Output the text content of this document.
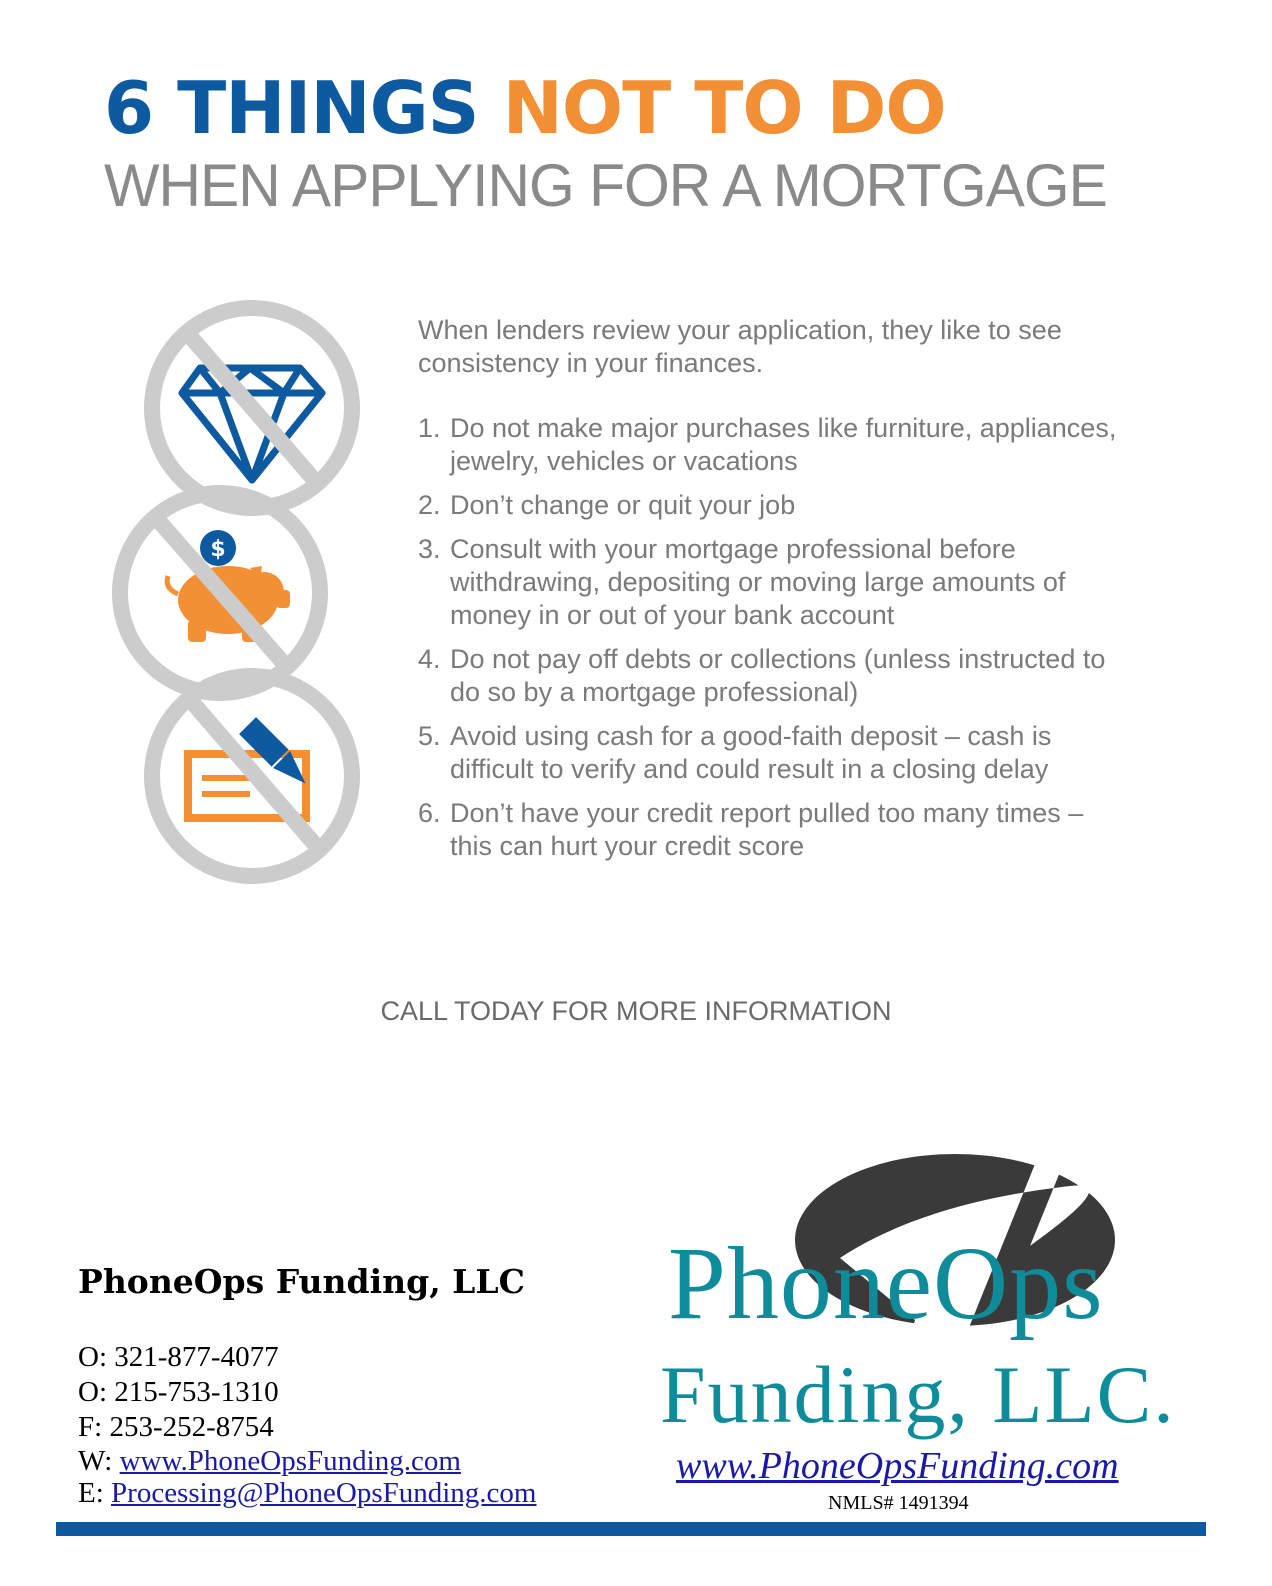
6 THINGS NOT TO DO
WHEN APPLYING FOR A MORTGAGE
$

When lenders review your application, they like to see consistency in your finances.

1. Do not make major purchases like furniture, appliances, jewelry, vehicles or vacations
2. Don’t change or quit your job
3. Consult with your mortgage professional before withdrawing, depositing or moving large amounts of money in or out of your bank account
4. Do not pay off debts or collections (unless instructed to do so by a mortgage professional)
5. Avoid using cash for a good-faith deposit – cash is difficult to verify and could result in a closing delay
6. Don’t have your credit report pulled too many times – this can hurt your credit score
CALL TODAY FOR MORE INFORMATION
PhoneOps Funding, LLC
O: 321-877-4077
O: 215-753-1310
F: 253-252-8754
W: www.PhoneOpsFunding.com
E: Processing@PhoneOpsFunding.com
PhoneOps
Funding, LLC.
www.PhoneOpsFunding.com
NMLS# 1491394
